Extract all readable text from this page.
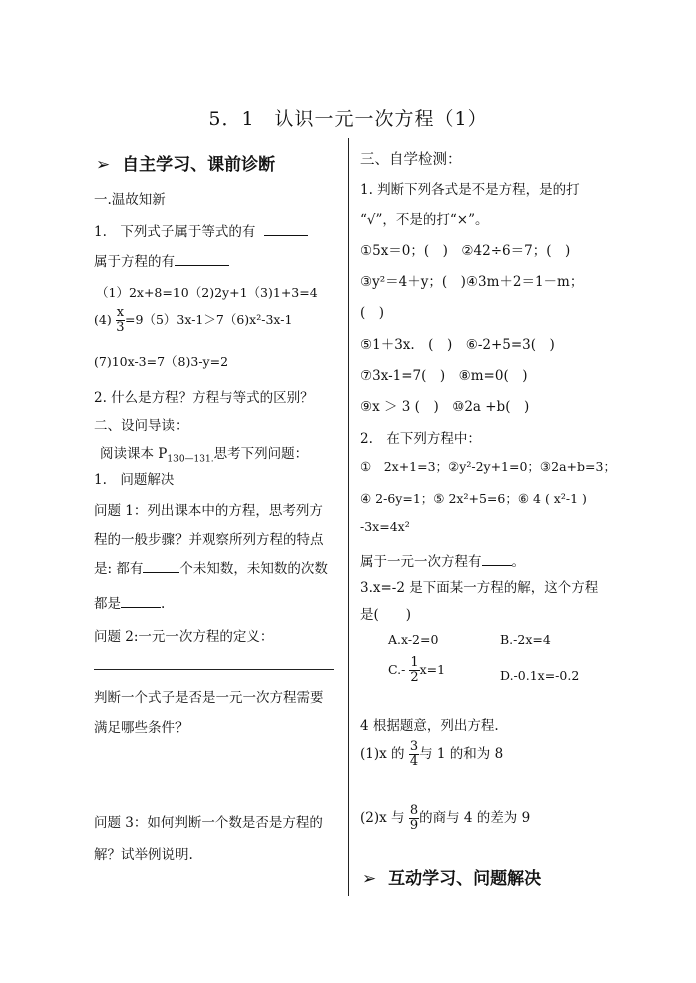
5．1　认识一元一次方程（1）
➢ 自主学习、课前诊断
一.温故知新
1.　下列式子属于等式的有
属于方程的有
（1）2x+8=10（2)2y+1（3)1+3=4
$(4) \frac{x}{3} =9(5)3x-1>7(6)x^2-3x-1$
(7)10x-3=7（8)3-y=2
2. 什么是方程？方程与等式的区别？
二、设问导读：
阅读课本 $P_{130—131.}$思考下列问题：
1.　问题解决
问题 1：列出课本中的方程，思考列方
程的一般步骤？并观察所列方程的特点
是: 都有	个未知数，未知数的次数
都是	.
问题 2:一元一次方程的定义：
判断一个式子是否是一元一次方程需要
满足哪些条件？
问题 3：如何判断一个数是否是方程的
解？试举例说明.
三、自学检测：
1. 判断下列各式是不是方程，是的打
“√”，不是的打“×”。
①5x＝0；(　)　②42÷6＝7；(　)
③y²＝4＋y；(　)④3m＋2＝1－m；
(　)
⑤1＋3x.　(　)　⑥-2+5=3(　)
⑦3x-1=7(　)　⑧m=0(　)
⑨x ＞ 3 (　)　⑩2a +b(　)
2.　在下列方程中：
①　2x+1=3；②y²-2y+1=0；③2a+b=3；
④ 2-6y=1；⑤ 2x²+5=6；⑥ 4 ( x²-1 )
-3x=4x²
属于一元一次方程有 。
3.x=-2 是下面某一方程的解，这个方程
是(　　)
A.x-2=0	B.-2x=4
$C.- \frac{1}{2} x=1$	D.-0.1x=-0.2
4 根据题意，列出方程.
(1)x 的 $\frac{3}{4}$ 与 1 的和为 8
(2)x 与 $\frac{8}{9}$ 的商与 4 的差为 9
➢ 互动学习、问题解决
